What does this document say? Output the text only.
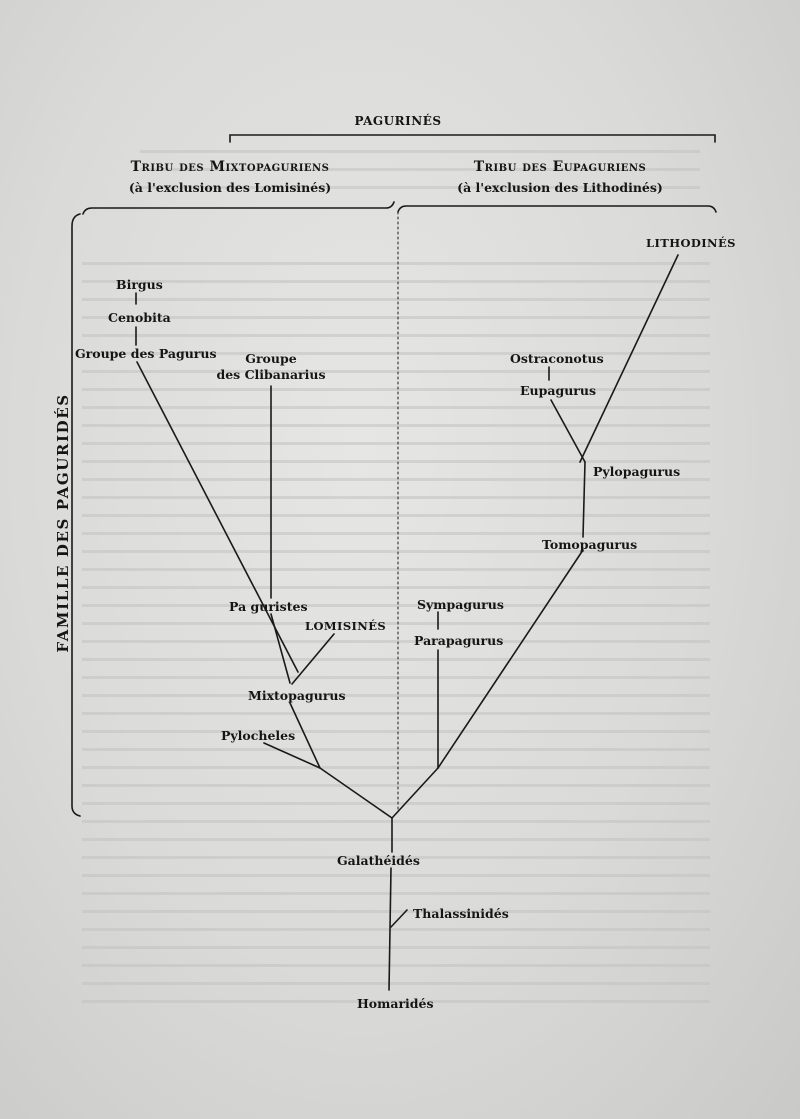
PAGURINÉS
Tribu des Mixtopaguriens
(à l'exclusion des Lomisinés)
Tribu des Eupaguriens
(à l'exclusion des Lithodinés)
FAMILLE DES PAGURIDÉS
LITHODINÉS
Birgus
Cenobita
Groupe des Pagurus	Groupe
des Clibanarius
Ostraconotus
Eupagurus
Pylopagurus
Tomopagurus
Pa guristes
LOMISINÉS
Sympagurus
Parapagurus
Mixtopagurus
Pylocheles
Galathéidés
Thalassinidés
Homaridés
